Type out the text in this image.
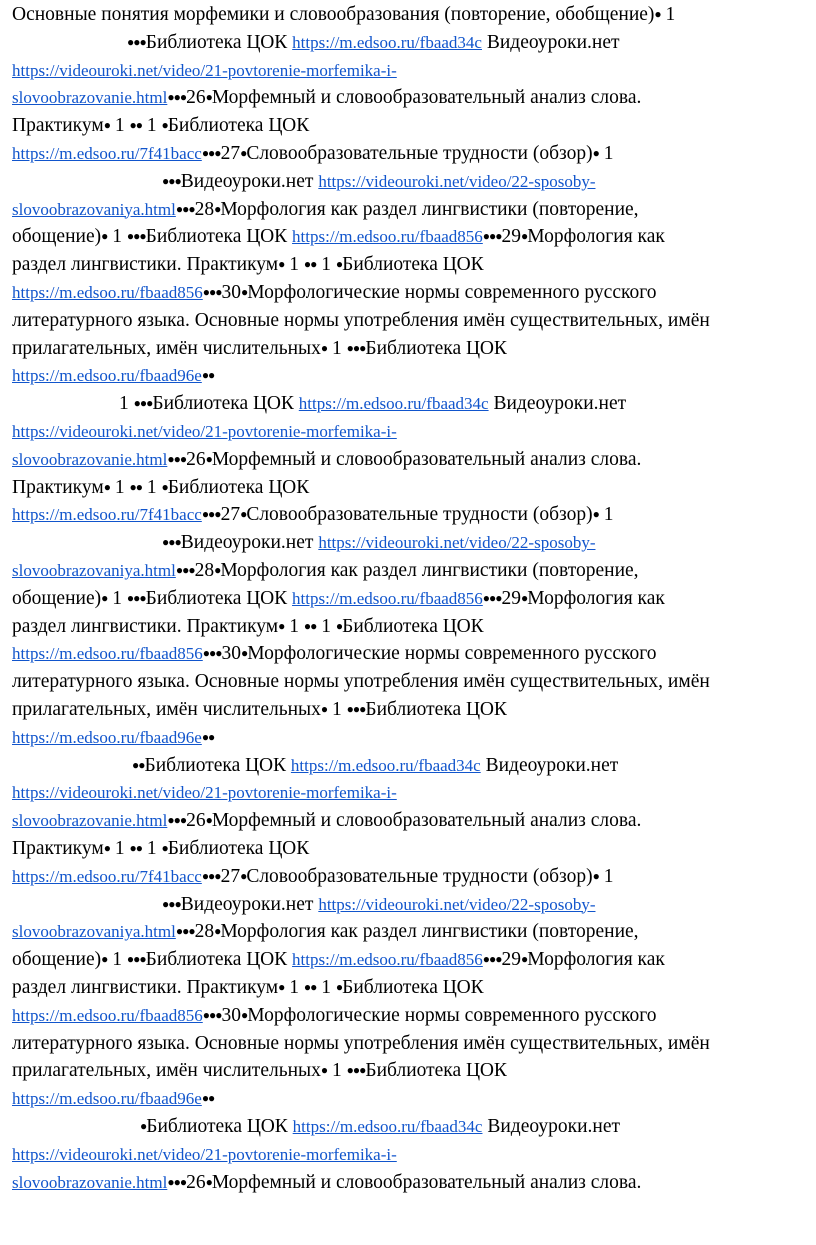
Основные понятия морфемики и словообразования (повторение, обобщение)● 1
●●●Библиотека ЦОК https://m.edsoo.ru/fbaad34c Видеоуроки.нет
https://videouroki.net/video/21-povtorenie-morfemika-i-
slovoobrazovanie.html●●●26●Морфемный и словообразовательный анализ слова.
Практикум● 1 ●● 1 ●Библиотека ЦОК
https://m.edsoo.ru/7f41bacc●●●27●Словообразовательные трудности (обзор)● 1
●●●Видеоуроки.нет https://videouroki.net/video/22-sposoby-
slovoobrazovaniya.html●●●28●Морфология как раздел лингвистики (повторение,
обощение)● 1 ●●●Библиотека ЦОК https://m.edsoo.ru/fbaad856●●●29●Морфология как
раздел лингвистики. Практикум● 1 ●● 1 ●Библиотека ЦОК
https://m.edsoo.ru/fbaad856●●●30●Морфологические нормы современного русского
литературного языка. Основные нормы употребления имён существительных, имён
прилагательных, имён числительных● 1 ●●●Библиотека ЦОК
https://m.edsoo.ru/fbaad96e●●
1 ●●●Библиотека ЦОК https://m.edsoo.ru/fbaad34c Видеоуроки.нет
https://videouroki.net/video/21-povtorenie-morfemika-i-
slovoobrazovanie.html●●●26●Морфемный и словообразовательный анализ слова.
Практикум● 1 ●● 1 ●Библиотека ЦОК
https://m.edsoo.ru/7f41bacc●●●27●Словообразовательные трудности (обзор)● 1
●●●Видеоуроки.нет https://videouroki.net/video/22-sposoby-
slovoobrazovaniya.html●●●28●Морфология как раздел лингвистики (повторение,
обощение)● 1 ●●●Библиотека ЦОК https://m.edsoo.ru/fbaad856●●●29●Морфология как
раздел лингвистики. Практикум● 1 ●● 1 ●Библиотека ЦОК
https://m.edsoo.ru/fbaad856●●●30●Морфологические нормы современного русского
литературного языка. Основные нормы употребления имён существительных, имён
прилагательных, имён числительных● 1 ●●●Библиотека ЦОК
https://m.edsoo.ru/fbaad96e●●
●●Библиотека ЦОК https://m.edsoo.ru/fbaad34c Видеоуроки.нет
https://videouroki.net/video/21-povtorenie-morfemika-i-
slovoobrazovanie.html●●●26●Морфемный и словообразовательный анализ слова.
Практикум● 1 ●● 1 ●Библиотека ЦОК
https://m.edsoo.ru/7f41bacc●●●27●Словообразовательные трудности (обзор)● 1
●●●Видеоуроки.нет https://videouroki.net/video/22-sposoby-
slovoobrazovaniya.html●●●28●Морфология как раздел лингвистики (повторение,
обощение)● 1 ●●●Библиотека ЦОК https://m.edsoo.ru/fbaad856●●●29●Морфология как
раздел лингвистики. Практикум● 1 ●● 1 ●Библиотека ЦОК
https://m.edsoo.ru/fbaad856●●●30●Морфологические нормы современного русского
литературного языка. Основные нормы употребления имён существительных, имён
прилагательных, имён числительных● 1 ●●●Библиотека ЦОК
https://m.edsoo.ru/fbaad96e●●
●Библиотека ЦОК https://m.edsoo.ru/fbaad34c Видеоуроки.нет
https://videouroki.net/video/21-povtorenie-morfemika-i-
slovoobrazovanie.html●●●26●Морфемный и словообразовательный анализ слова.
